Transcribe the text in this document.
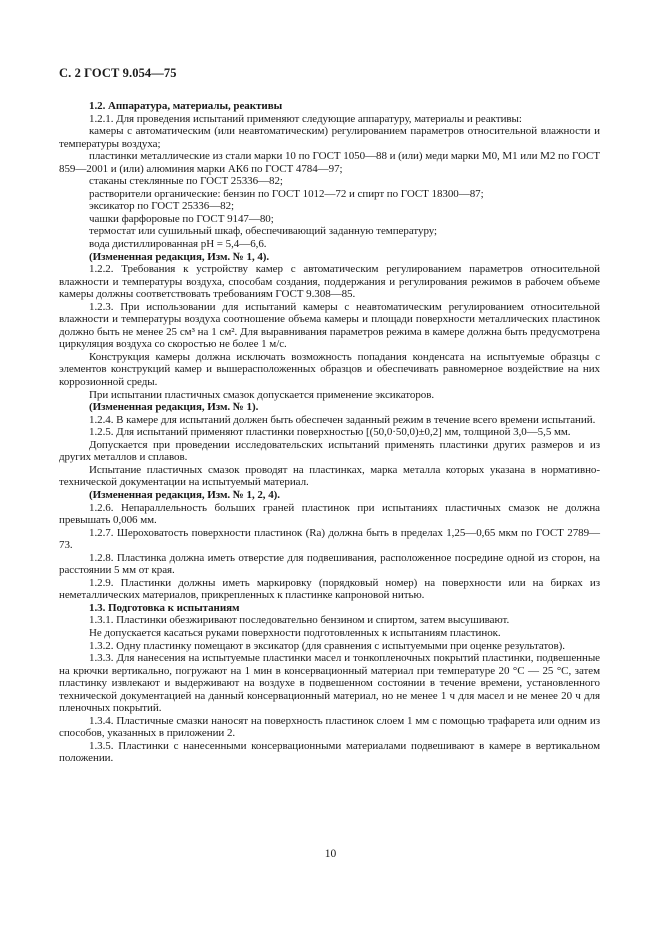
С. 2 ГОСТ 9.054—75

1.2. Аппаратура, материалы, реактивы

1.2.1. Для проведения испытаний применяют следующие аппаратуру, материалы и реактивы:

камеры с автоматическим (или неавтоматическим) регулированием параметров относительной влажности и температуры воздуха;

пластинки металлические из стали марки 10 по ГОСТ 1050—88 и (или) меди марки М0, М1 или М2 по ГОСТ 859—2001 и (или) алюминия марки АК6 по ГОСТ 4784—97;

стаканы стеклянные по ГОСТ 25336—82;

растворители органические: бензин по ГОСТ 1012—72 и спирт по ГОСТ 18300—87;

эксикатор по ГОСТ 25336—82;

чашки фарфоровые по ГОСТ 9147—80;

термостат или сушильный шкаф, обеспечивающий заданную температуру;

вода дистиллированная pH = 5,4—6,6.

(Измененная редакция, Изм. № 1, 4).

1.2.2. Требования к устройству камер с автоматическим регулированием параметров относительной влажности и температуры воздуха, способам создания, поддержания и регулирования режимов в рабочем объеме камеры должны соответствовать требованиям ГОСТ 9.308—85.

1.2.3. При использовании для испытаний камеры с неавтоматическим регулированием относительной влажности и температуры воздуха соотношение объема камеры и площади поверхности металлических пластинок должно быть не менее 25 см³ на 1 см². Для выравнивания параметров режима в камере должна быть предусмотрена циркуляция воздуха со скоростью не более 1 м/с.

Конструкция камеры должна исключать возможность попадания конденсата на испытуемые образцы с элементов конструкций камер и вышерасположенных образцов и обеспечивать равномерное воздействие на них коррозионной среды.

При испытании пластичных смазок допускается применение эксикаторов.

(Измененная редакция, Изм. № 1).

1.2.4. В камере для испытаний должен быть обеспечен заданный режим в течение всего времени испытаний.

1.2.5. Для испытаний применяют пластинки поверхностью [(50,0·50,0)±0,2] мм, толщиной 3,0—5,5 мм.

Допускается при проведении исследовательских испытаний применять пластинки других размеров и из других металлов и сплавов.

Испытание пластичных смазок проводят на пластинках, марка металла которых указана в нормативно-технической документации на испытуемый материал.

(Измененная редакция, Изм. № 1, 2, 4).

1.2.6. Непараллельность больших граней пластинок при испытаниях пластичных смазок не должна превышать 0,006 мм.

1.2.7. Шероховатость поверхности пластинок (Ra) должна быть в пределах 1,25—0,65 мкм по ГОСТ 2789—73.

1.2.8. Пластинка должна иметь отверстие для подвешивания, расположенное посредине одной из сторон, на расстоянии 5 мм от края.

1.2.9. Пластинки должны иметь маркировку (порядковый номер) на поверхности или на бирках из неметаллических материалов, прикрепленных к пластинке капроновой нитью.

1.3. Подготовка к испытаниям

1.3.1. Пластинки обезжиривают последовательно бензином и спиртом, затем высушивают.

Не допускается касаться руками поверхности подготовленных к испытаниям пластинок.

1.3.2. Одну пластинку помещают в эксикатор (для сравнения с испытуемыми при оценке результатов).

1.3.3. Для нанесения на испытуемые пластинки масел и тонкопленочных покрытий пластинки, подвешенные на крючки вертикально, погружают на 1 мин в консервационный материал при температуре 20 °С — 25 °С, затем пластинку извлекают и выдерживают на воздухе в подвешенном состоянии в течение времени, установленного технической документацией на данный консервационный материал, но не менее 1 ч для масел и не менее 20 ч для пленочных покрытий.

1.3.4. Пластичные смазки наносят на поверхность пластинок слоем 1 мм с помощью трафарета или одним из способов, указанных в приложении 2.

1.3.5. Пластинки с нанесенными консервационными материалами подвешивают в камере в вертикальном положении.

10
